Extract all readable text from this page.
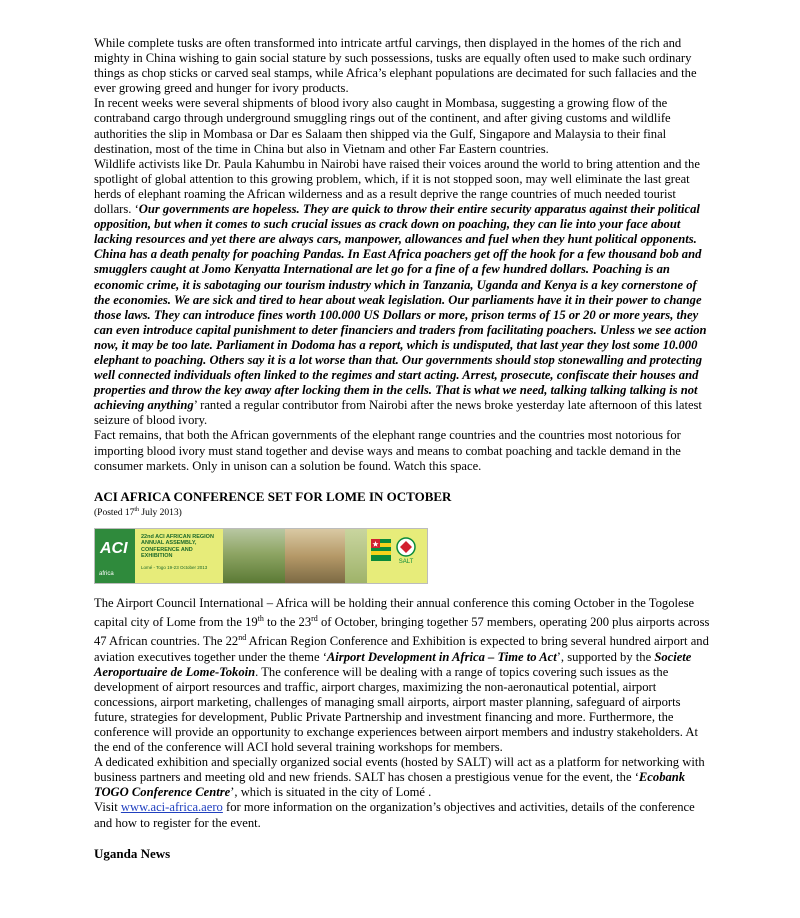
While complete tusks are often transformed into intricate artful carvings, then displayed in the homes of the rich and mighty in China wishing to gain social stature by such possessions, tusks are equally often used to make such ordinary things as chop sticks or carved seal stamps, while Africa’s elephant populations are decimated for such fallacies and the ever growing greed and hunger for ivory products.

In recent weeks were several shipments of blood ivory also caught in Mombasa, suggesting a growing flow of the contraband cargo through underground smuggling rings out of the continent, and after giving customs and wildlife authorities the slip in Mombasa or Dar es Salaam then shipped via the Gulf, Singapore and Malaysia to their final destination, most of the time in China but also in Vietnam and other Far Eastern countries.

Wildlife activists like Dr. Paula Kahumbu in Nairobi have raised their voices around the world to bring attention and the spotlight of global attention to this growing problem, which, if it is not stopped soon, may well eliminate the last great herds of elephant roaming the African wilderness and as a result deprive the range countries of much needed tourist dollars. ‘Our governments are hopeless. They are quick to throw their entire security apparatus against their political opposition, but when it comes to such crucial issues as crack down on poaching, they can lie into your face about lacking resources and yet there are always cars, manpower, allowances and fuel when they hunt political opponents. China has a death penalty for poaching Pandas. In East Africa poachers get off the hook for a few thousand bob and smugglers caught at Jomo Kenyatta International are let go for a fine of a few hundred dollars. Poaching is an economic crime, it is sabotaging our tourism industry which in Tanzania, Uganda and Kenya is a key cornerstone of the economies. We are sick and tired to hear about weak legislation. Our parliaments have it in their power to change those laws. They can introduce fines worth 100.000 US Dollars or more, prison terms of 15 or 20 or more years, they can even introduce capital punishment to deter financiers and traders from facilitating poachers. Unless we see action now, it may be too late. Parliament in Dodoma has a report, which is undisputed, that last year they lost some 10.000 elephant to poaching. Others say it is a lot worse than that. Our governments should stop stonewalling and protecting well connected individuals often linked to the regimes and start acting. Arrest, prosecute, confiscate their houses and properties and throw the key away after locking them in the cells. That is what we need, talking talking talking is not achieving anything’ ranted a regular contributor from Nairobi after the news broke yesterday late afternoon of this latest seizure of blood ivory.

Fact remains, that both the African governments of the elephant range countries and the countries most notorious for importing blood ivory must stand together and devise ways and means to combat poaching and tackle demand in the consumer markets. Only in unison can a solution be found. Watch this space.

ACI AFRICA CONFERENCE SET FOR LOME IN OCTOBER

(Posted 17th July 2013)

ACI
africa
22nd ACI AFRICAN REGION ANNUAL ASSEMBLY, CONFERENCE AND EXHIBITION
Lomé - Togo 19-23 October 2013
SALT

The Airport Council International – Africa will be holding their annual conference this coming October in the Togolese capital city of Lome from the 19th to the 23rd of October, bringing together 57 members, operating 200 plus airports across 47 African countries. The 22nd African Region Conference and Exhibition is expected to bring several hundred airport and aviation executives together under the theme ‘Airport Development in Africa – Time to Act’, supported by the Societe Aeroportuaire de Lome-Tokoin. The conference will be dealing with a range of topics covering such issues as the development of airport resources and traffic, airport charges, maximizing the non-aeronautical potential, airport concessions, airport marketing, challenges of managing small airports, airport master planning, safeguard of airports future, strategies for development, Public Private Partnership and investment financing and more. Furthermore, the conference will provide an opportunity to exchange experiences between airport members and industry stakeholders. At the end of the conference will ACI hold several training workshops for members.

A dedicated exhibition and specially organized social events (hosted by SALT) will act as a platform for networking with business partners and meeting old and new friends. SALT has chosen a prestigious venue for the event, the ‘Ecobank TOGO Conference Centre’, which is situated in the city of Lomé .

Visit www.aci-africa.aero for more information on the organization’s objectives and activities, details of the conference and how to register for the event.

Uganda News
